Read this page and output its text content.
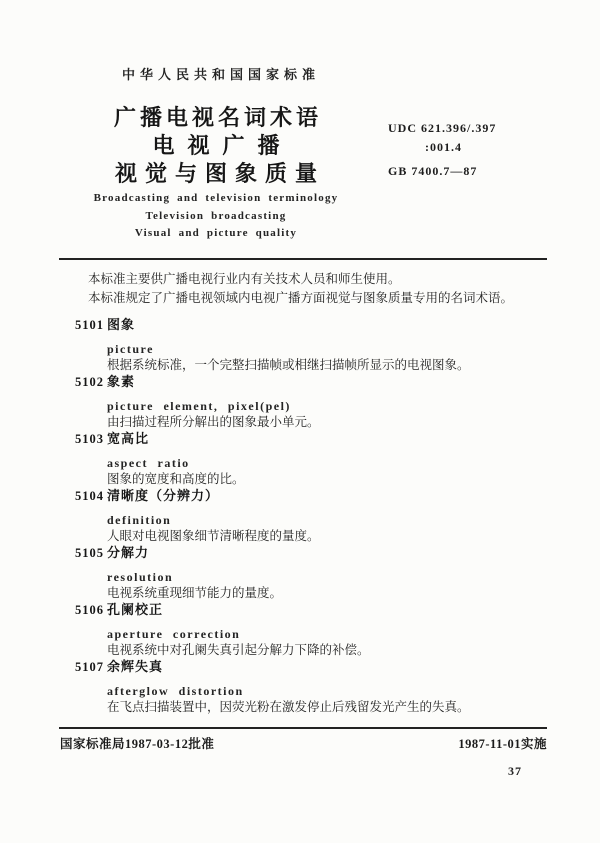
中华人民共和国国家标准
广播电视名词术语
电视广播
视觉与图象质量
UDC 621.396/.397
:001.4
GB 7400.7—87
Broadcasting and television terminology
Television broadcasting
Visual and picture quality
本标准主要供广播电视行业内有关技术人员和师生使用。
本标准规定了广播电视领域内电视广播方面视觉与图象质量专用的名词术语。
5101 图象
picture
根据系统标准，一个完整扫描帧或相继扫描帧所显示的电视图象。
5102 象素
picture element, pixel(pel)
由扫描过程所分解出的图象最小单元。
5103 宽高比
aspect ratio
图象的宽度和高度的比。
5104 清晰度（分辨力）
definition
人眼对电视图象细节清晰程度的量度。
5105 分解力
resolution
电视系统重现细节能力的量度。
5106 孔阑校正
aperture correction
电视系统中对孔阑失真引起分解力下降的补偿。
5107 余辉失真
afterglow distortion
在飞点扫描装置中，因荧光粉在激发停止后残留发光产生的失真。
国家标准局1987-03-12批准	1987-11-01实施
37
